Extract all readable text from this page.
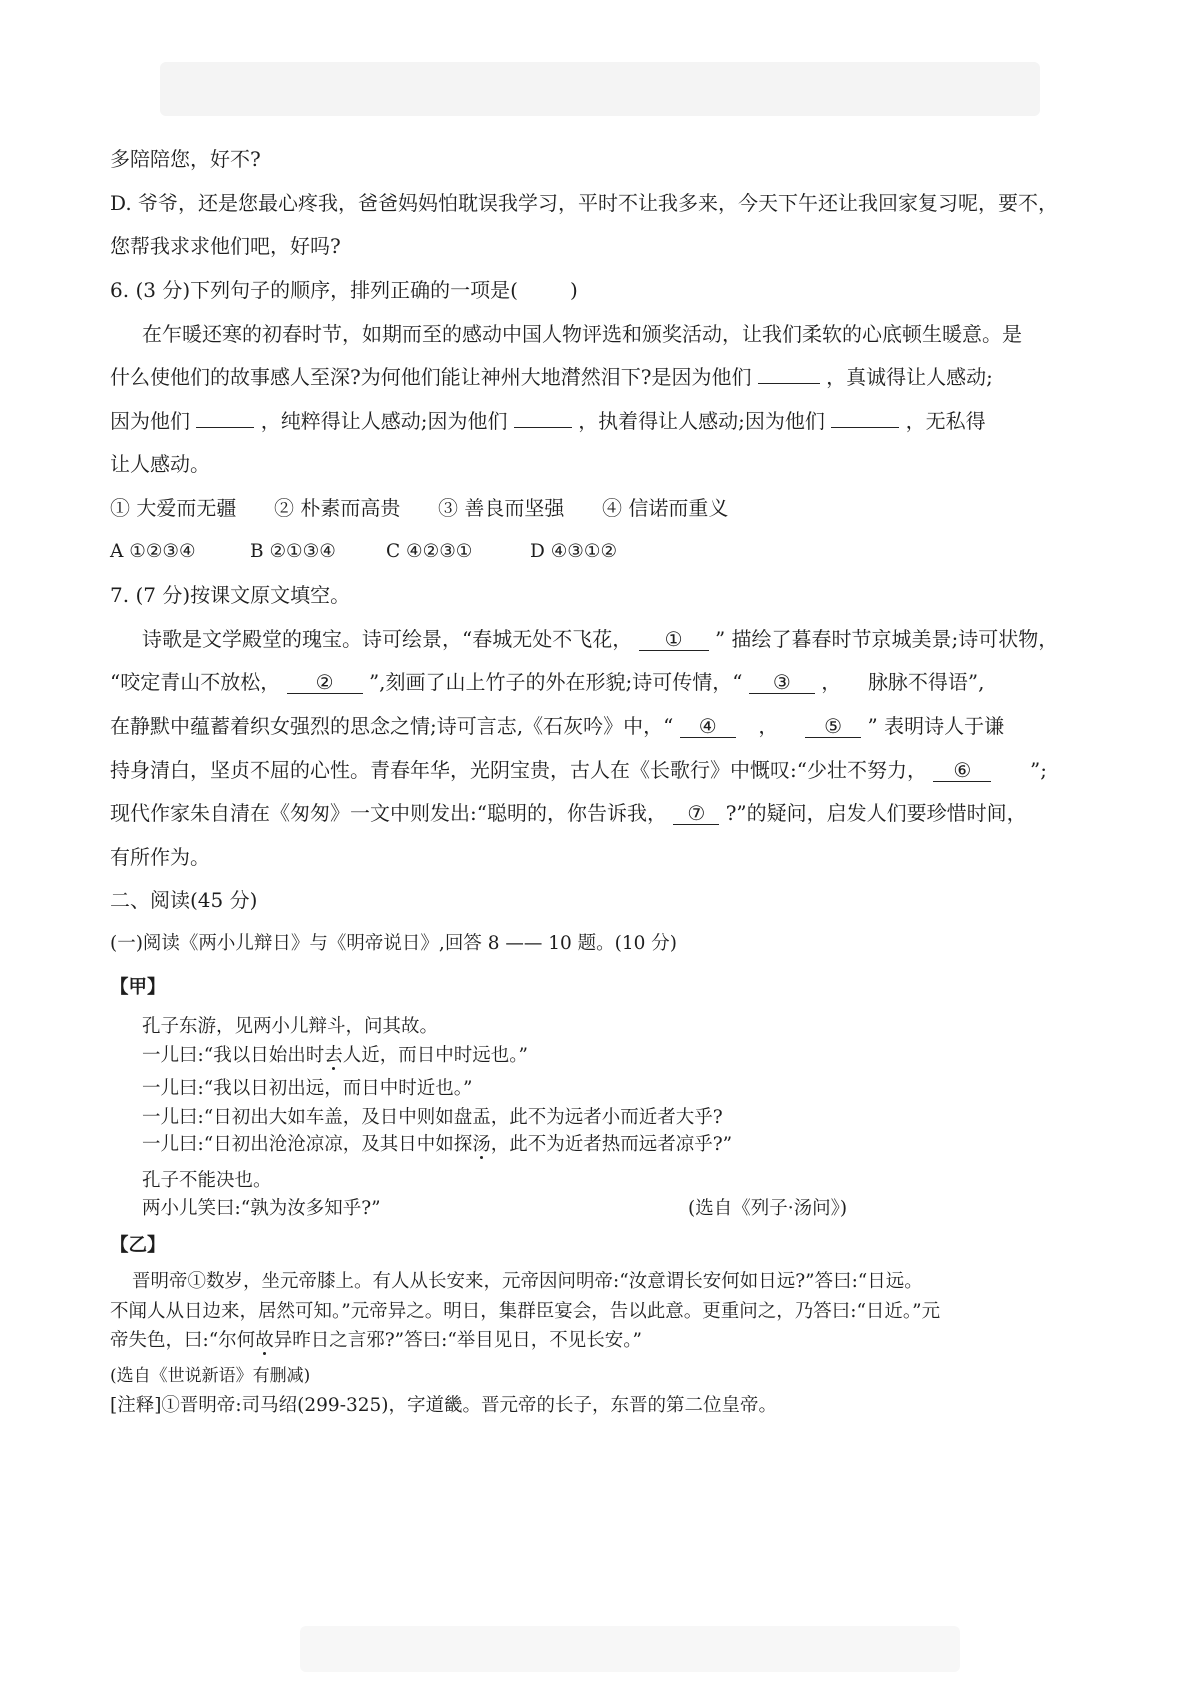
多陪陪您，好不?
D. 爷爷，还是您最心疼我，爸爸妈妈怕耽误我学习，平时不让我多来，今天下午还让我回家复习呢，要不，
您帮我求求他们吧，好吗?
6. (3 分)下列句子的顺序，排列正确的一项是(	)
在乍暖还寒的初春时节，如期而至的感动中国人物评选和颁奖活动，让我们柔软的心底顿生暖意。是
什么使他们的故事感人至深?为何他们能让神州大地潸然泪下?是因为他们	，真诚得让人感动;
因为他们	，纯粹得让人感动;因为他们	，执着得让人感动;因为他们	，无私得
让人感动。
① 大爱而无疆 ② 朴素而高贵 ③ 善良而坚强 ④ 信诺而重义
A ①②③④	B ②①③④	C ④②③①	D ④③①②
7. (7 分)按课文原文填空。
诗歌是文学殿堂的瑰宝。诗可绘景，“春城无处不飞花， ① ” 描绘了暮春时节京城美景;诗可状物，
“咬定青山不放松， ② ”,刻画了山上竹子的外在形貌;诗可传情，“ ③ ， 脉脉不得语”,
在静默中蕴蓄着织女强烈的思念之情;诗可言志,《石灰吟》中，“ ④ ， ⑤ ” 表明诗人于谦
持身清白，坚贞不屈的心性。青春年华，光阴宝贵，古人在《长歌行》中慨叹:“少壮不努力， ⑥	”;
现代作家朱自清在《匆匆》一文中则发出:“聪明的，你告诉我， ⑦ ?”的疑问，启发人们要珍惜时间，
有所作为。
二、阅读(45 分)
(一)阅读《两小儿辩日》与《明帝说日》,回答 8 —— 10 题。(10 分)
【甲】
孔子东游，见两小儿辩斗，问其故。
一儿曰:“我以日始出时去人近，而日中时远也。”
一儿曰:“我以日初出远，而日中时近也。”
一儿曰:“日初出大如车盖，及日中则如盘盂，此不为远者小而近者大乎?
一儿曰:“日初出沧沧凉凉，及其日中如探汤，此不为近者热而远者凉乎?”
孔子不能决也。
两小儿笑曰:“孰为汝多知乎?”	(选自《列子·汤问》)
【乙】
晋明帝①数岁，坐元帝膝上。有人从长安来，元帝因问明帝:“汝意谓长安何如日远?”答曰:“日远。
不闻人从日边来，居然可知。”元帝异之。明日，集群臣宴会，告以此意。更重问之，乃答曰:“日近。”元
帝失色，曰:“尔何故异昨日之言邪?”答曰:“举目见日，不见长安。”
(选自《世说新语》有删减)
[注释]①晋明帝:司马绍(299-325)，字道畿。晋元帝的长子，东晋的第二位皇帝。
